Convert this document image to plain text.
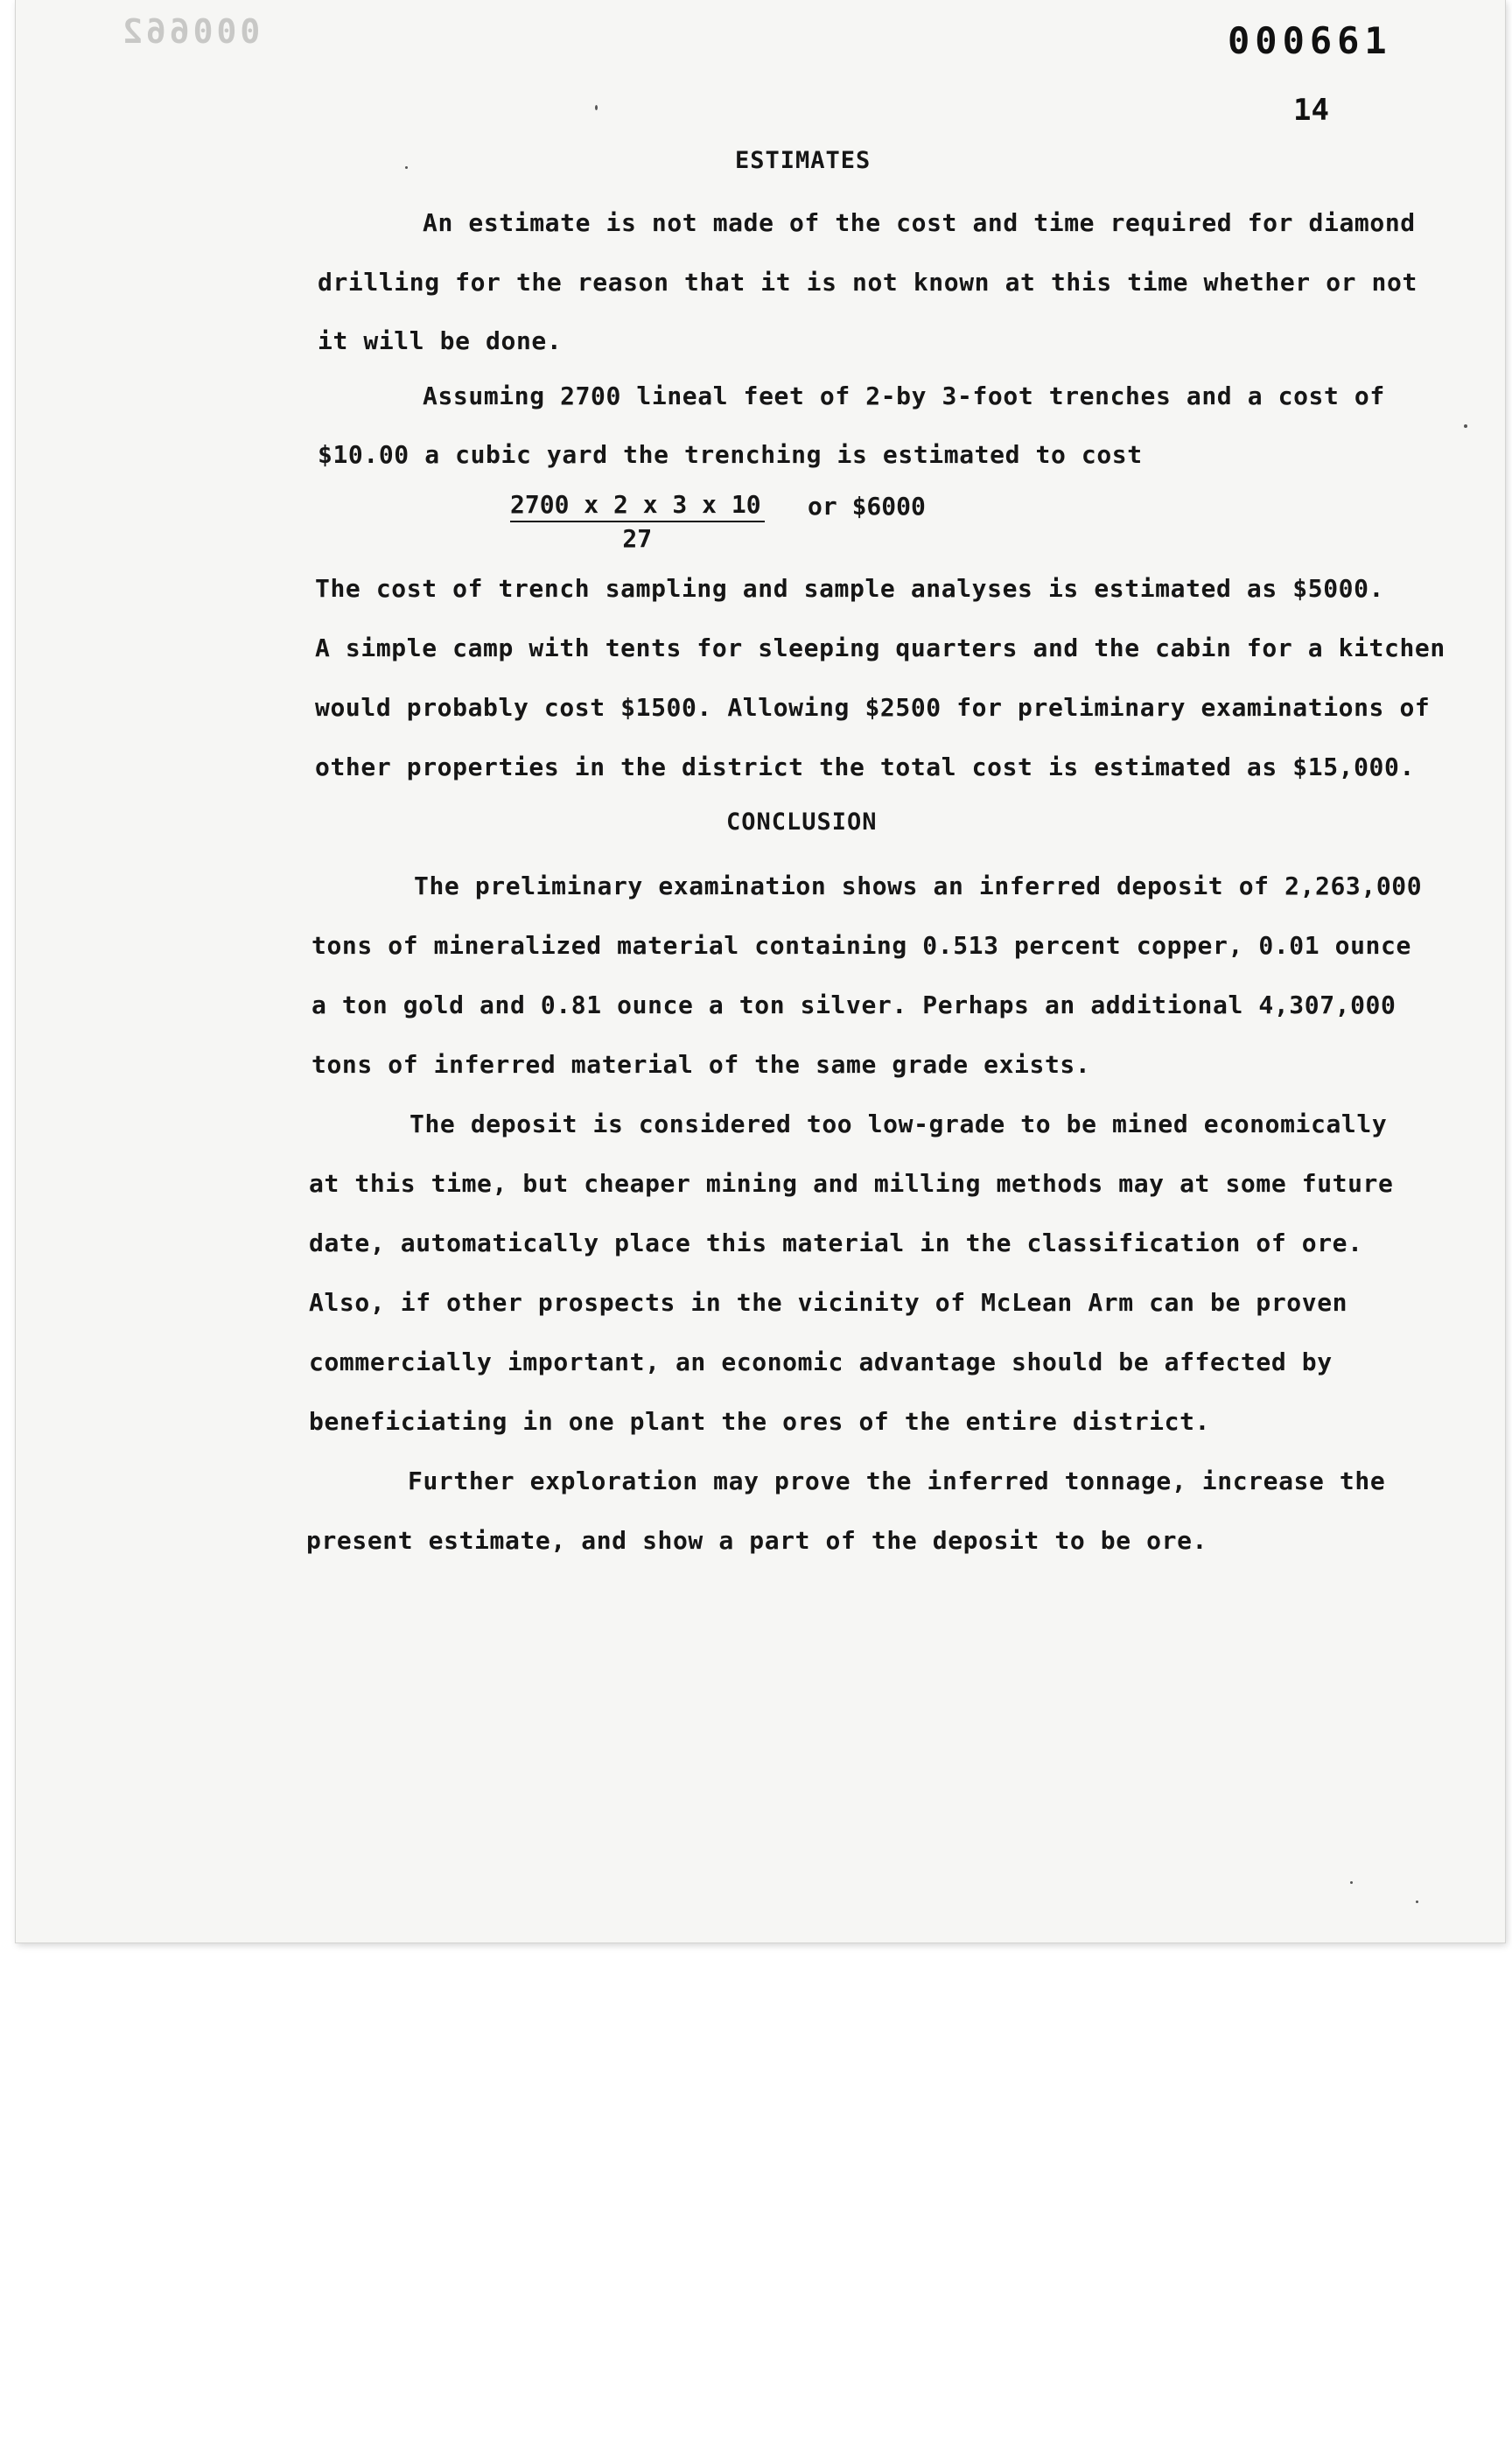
000662	000661
14
ESTIMATES
An estimate is not made of the cost and time required for diamond
drilling for the reason that it is not known at this time whether or not
it will be done.
Assuming 2700 lineal feet of 2-by 3-foot trenches and a cost of
$10.00 a cubic yard the trenching is estimated to cost
$\frac{2700 x 2 x 3 x 10}{27}$ or $6000
The cost of trench sampling and sample analyses is estimated as $5000.
A simple camp with tents for sleeping quarters and the cabin for a kitchen
would probably cost $1500. Allowing $2500 for preliminary examinations of
other properties in the district the total cost is estimated as $15,000.
CONCLUSION
The preliminary examination shows an inferred deposit of 2,263,000
tons of mineralized material containing 0.513 percent copper, 0.01 ounce
a ton gold and 0.81 ounce a ton silver. Perhaps an additional 4,307,000
tons of inferred material of the same grade exists.
The deposit is considered too low-grade to be mined economically
at this time, but cheaper mining and milling methods may at some future
date, automatically place this material in the classification of ore.
Also, if other prospects in the vicinity of McLean Arm can be proven
commercially important, an economic advantage should be affected by
beneficiating in one plant the ores of the entire district.
Further exploration may prove the inferred tonnage, increase the
present estimate, and show a part of the deposit to be ore.
